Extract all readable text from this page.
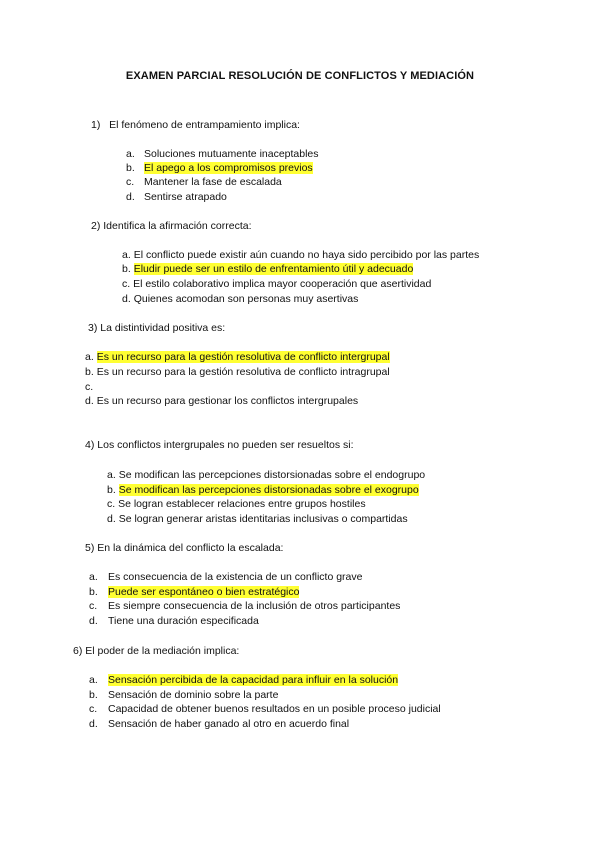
EXAMEN PARCIAL RESOLUCIÓN DE CONFLICTOS Y MEDIACIÓN
1) El fenómeno de entrampamiento implica:
a. Soluciones mutuamente inaceptables
b. El apego a los compromisos previos
c. Mantener la fase de escalada
d. Sentirse atrapado
2) Identifica la afirmación correcta:
a. El conflicto puede existir aún cuando no haya sido percibido por las partes
b. Eludir puede ser un estilo de enfrentamiento útil y adecuado
c. El estilo colaborativo implica mayor cooperación que asertividad
d. Quienes acomodan son personas muy asertivas
3) La distintividad positiva es:
a. Es un recurso para la gestión resolutiva de conflicto intergrupal
b. Es un recurso para la gestión resolutiva de conflicto intragrupal
c.
d. Es un recurso para gestionar los conflictos intergrupales
4) Los conflictos intergrupales no pueden ser resueltos si:
a. Se modifican las percepciones distorsionadas sobre el endogrupo
b. Se modifican las percepciones distorsionadas sobre el exogrupo
c. Se logran establecer relaciones entre grupos hostiles
d. Se logran generar aristas identitarias inclusivas o compartidas
5) En la dinámica del conflicto la escalada:
a. Es consecuencia de la existencia de un conflicto grave
b. Puede ser espontáneo o bien estratégico
c. Es siempre consecuencia de la inclusión de otros participantes
d. Tiene una duración especificada
6) El poder de la mediación implica:
a. Sensación percibida de la capacidad para influir en la solución
b. Sensación de dominio sobre la parte
c. Capacidad de obtener buenos resultados en un posible proceso judicial
d. Sensación de haber ganado al otro en acuerdo final
